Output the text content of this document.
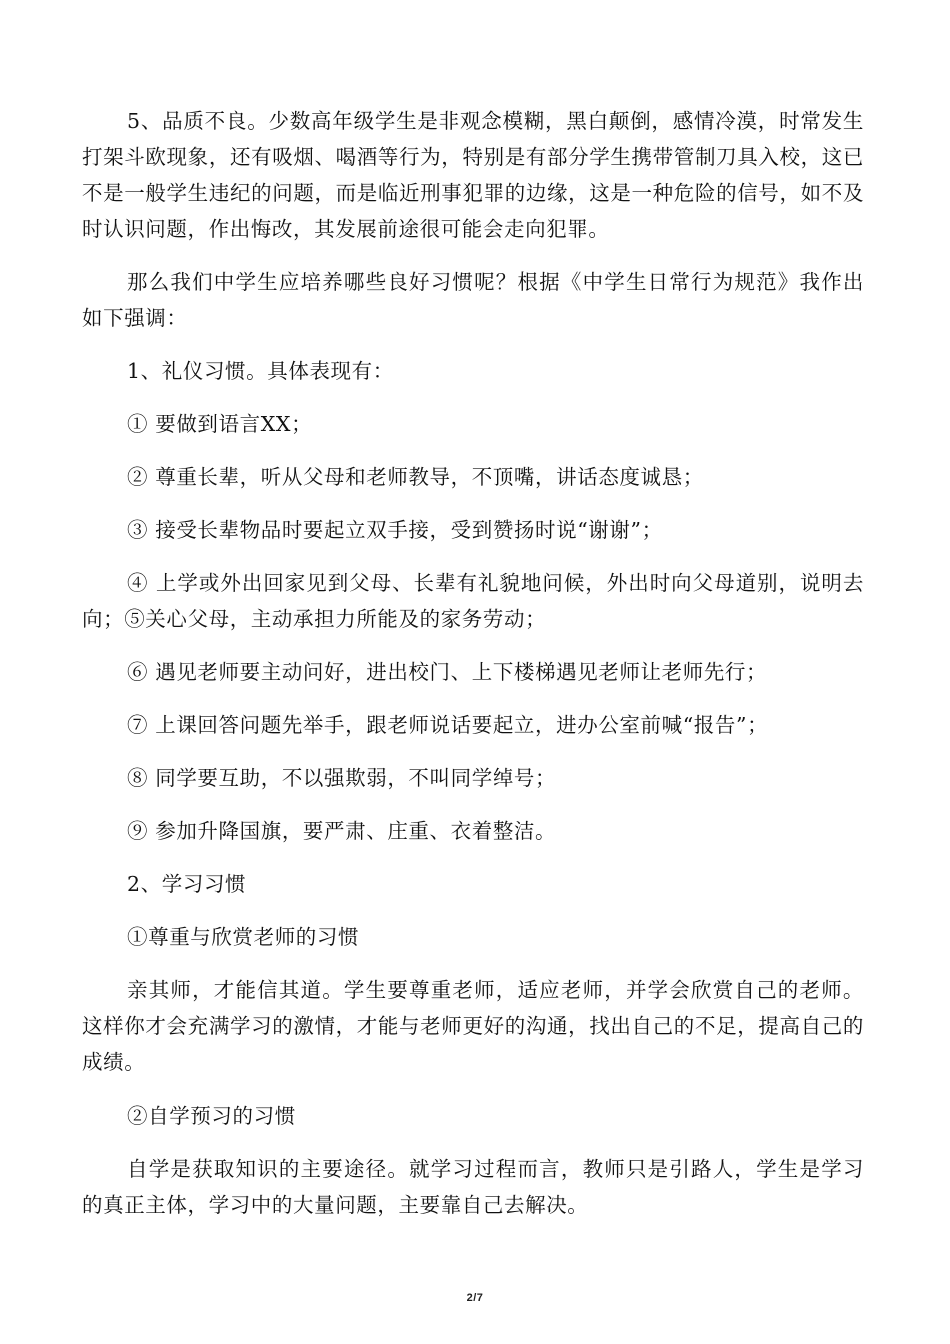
5、品质不良。少数高年级学生是非观念模糊，黑白颠倒，感情冷漠，时常发生打架斗欧现象，还有吸烟、喝酒等行为，特别是有部分学生携带管制刀具入校，这已不是一般学生违纪的问题，而是临近刑事犯罪的边缘，这是一种危险的信号，如不及时认识问题，作出悔改，其发展前途很可能会走向犯罪。

那么我们中学生应培养哪些良好习惯呢？根据《中学生日常行为规范》我作出如下强调：

1、礼仪习惯。具体表现有：

① 要做到语言XX；

② 尊重长辈，听从父母和老师教导，不顶嘴，讲话态度诚恳；

③ 接受长辈物品时要起立双手接，受到赞扬时说“谢谢”；

④ 上学或外出回家见到父母、长辈有礼貌地问候，外出时向父母道别，说明去向；⑤关心父母，主动承担力所能及的家务劳动；

⑥ 遇见老师要主动问好，进出校门、上下楼梯遇见老师让老师先行；

⑦ 上课回答问题先举手，跟老师说话要起立，进办公室前喊“报告”；

⑧ 同学要互助，不以强欺弱，不叫同学绰号；

⑨ 参加升降国旗，要严肃、庄重、衣着整洁。

2、学习习惯

①尊重与欣赏老师的习惯

亲其师，才能信其道。学生要尊重老师，适应老师，并学会欣赏自己的老师。这样你才会充满学习的激情，才能与老师更好的沟通，找出自己的不足，提高自己的成绩。

②自学预习的习惯

自学是获取知识的主要途径。就学习过程而言，教师只是引路人，学生是学习的真正主体，学习中的大量问题，主要靠自己去解决。

2/7
